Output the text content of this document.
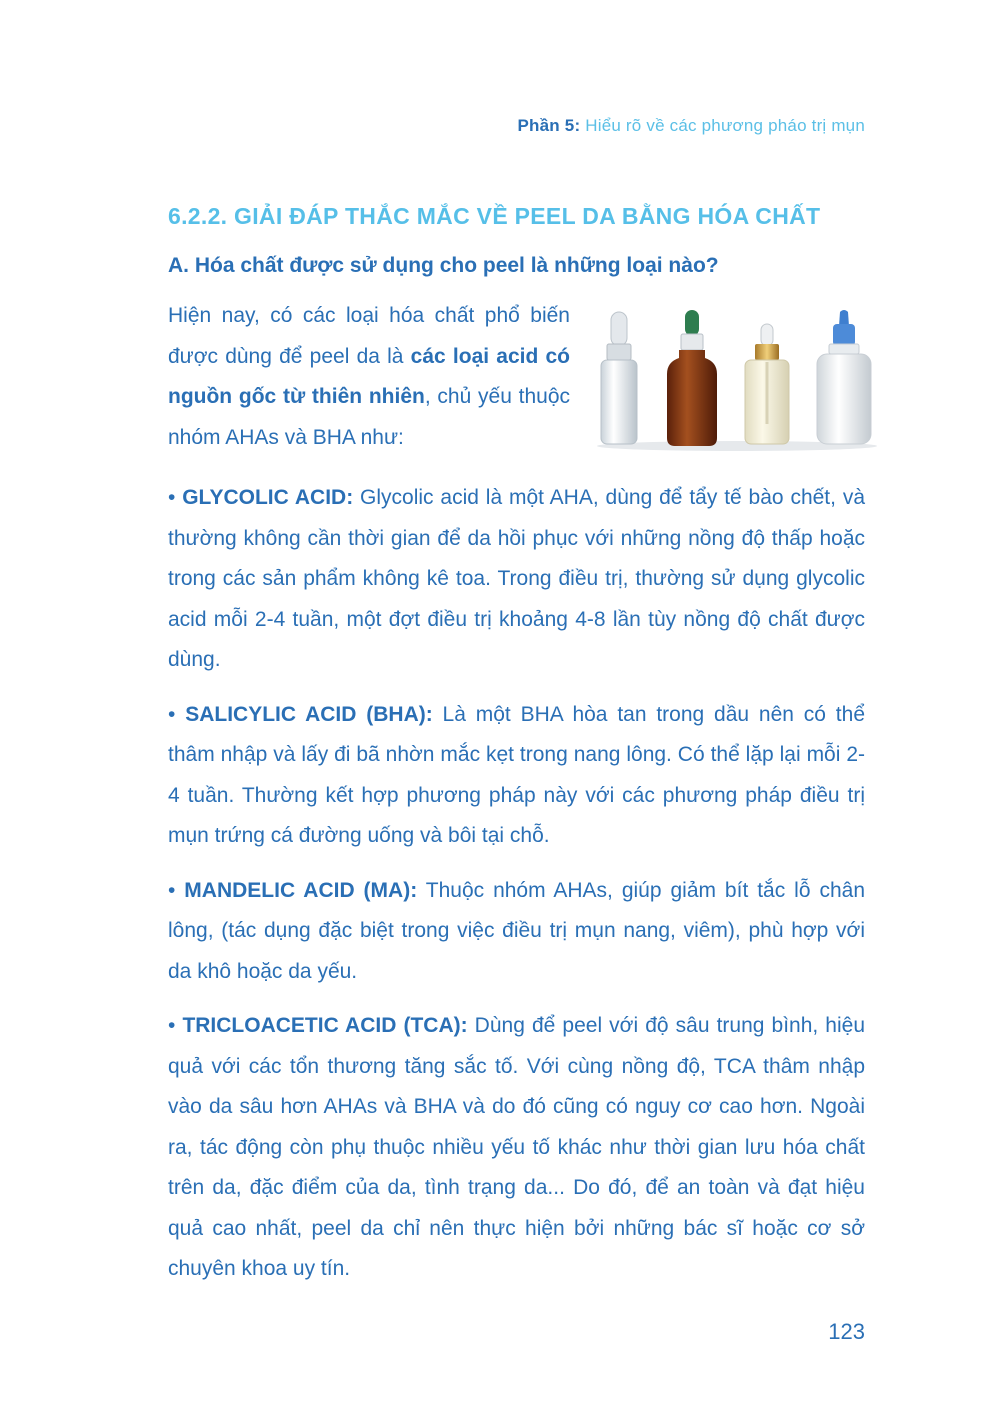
Phần 5: Hiểu rõ về các phương pháo trị mụn
6.2.2. GIẢI ĐÁP THẮC MẮC VỀ PEEL DA BẰNG HÓA CHẤT
A. Hóa chất được sử dụng cho peel là những loại nào?
Hiện nay, có các loại hóa chất phổ biến được dùng để peel da là các loại acid có nguồn gốc từ thiên nhiên, chủ yếu thuộc nhóm AHAs và BHA như:

• GLYCOLIC ACID: Glycolic acid là một AHA, dùng để tẩy tế bào chết, và thường không cần thời gian để da hồi phục với những nồng độ thấp hoặc trong các sản phẩm không kê toa. Trong điều trị, thường sử dụng glycolic acid mỗi 2-4 tuần, một đợt điều trị khoảng 4-8 lần tùy nồng độ chất được dùng.

• SALICYLIC ACID (BHA): Là một BHA hòa tan trong dầu nên có thể thâm nhập và lấy đi bã nhờn mắc kẹt trong nang lông. Có thể lặp lại mỗi 2-4 tuần. Thường kết hợp phương pháp này với các phương pháp điều trị mụn trứng cá đường uống và bôi tại chỗ.

• MANDELIC ACID (MA): Thuộc nhóm AHAs, giúp giảm bít tắc lỗ chân lông, (tác dụng đặc biệt trong việc điều trị mụn nang, viêm), phù hợp với da khô hoặc da yếu.

• TRICLOACETIC ACID (TCA): Dùng để peel với độ sâu trung bình, hiệu quả với các tổn thương tăng sắc tố. Với cùng nồng độ, TCA thâm nhập vào da sâu hơn AHAs và BHA và do đó cũng có nguy cơ cao hơn. Ngoài ra, tác động còn phụ thuộc nhiều yếu tố khác như thời gian lưu hóa chất trên da, đặc điểm của da, tình trạng da... Do đó, để an toàn và đạt hiệu quả cao nhất, peel da chỉ nên thực hiện bởi những bác sĩ hoặc cơ sở chuyên khoa uy tín.

123
